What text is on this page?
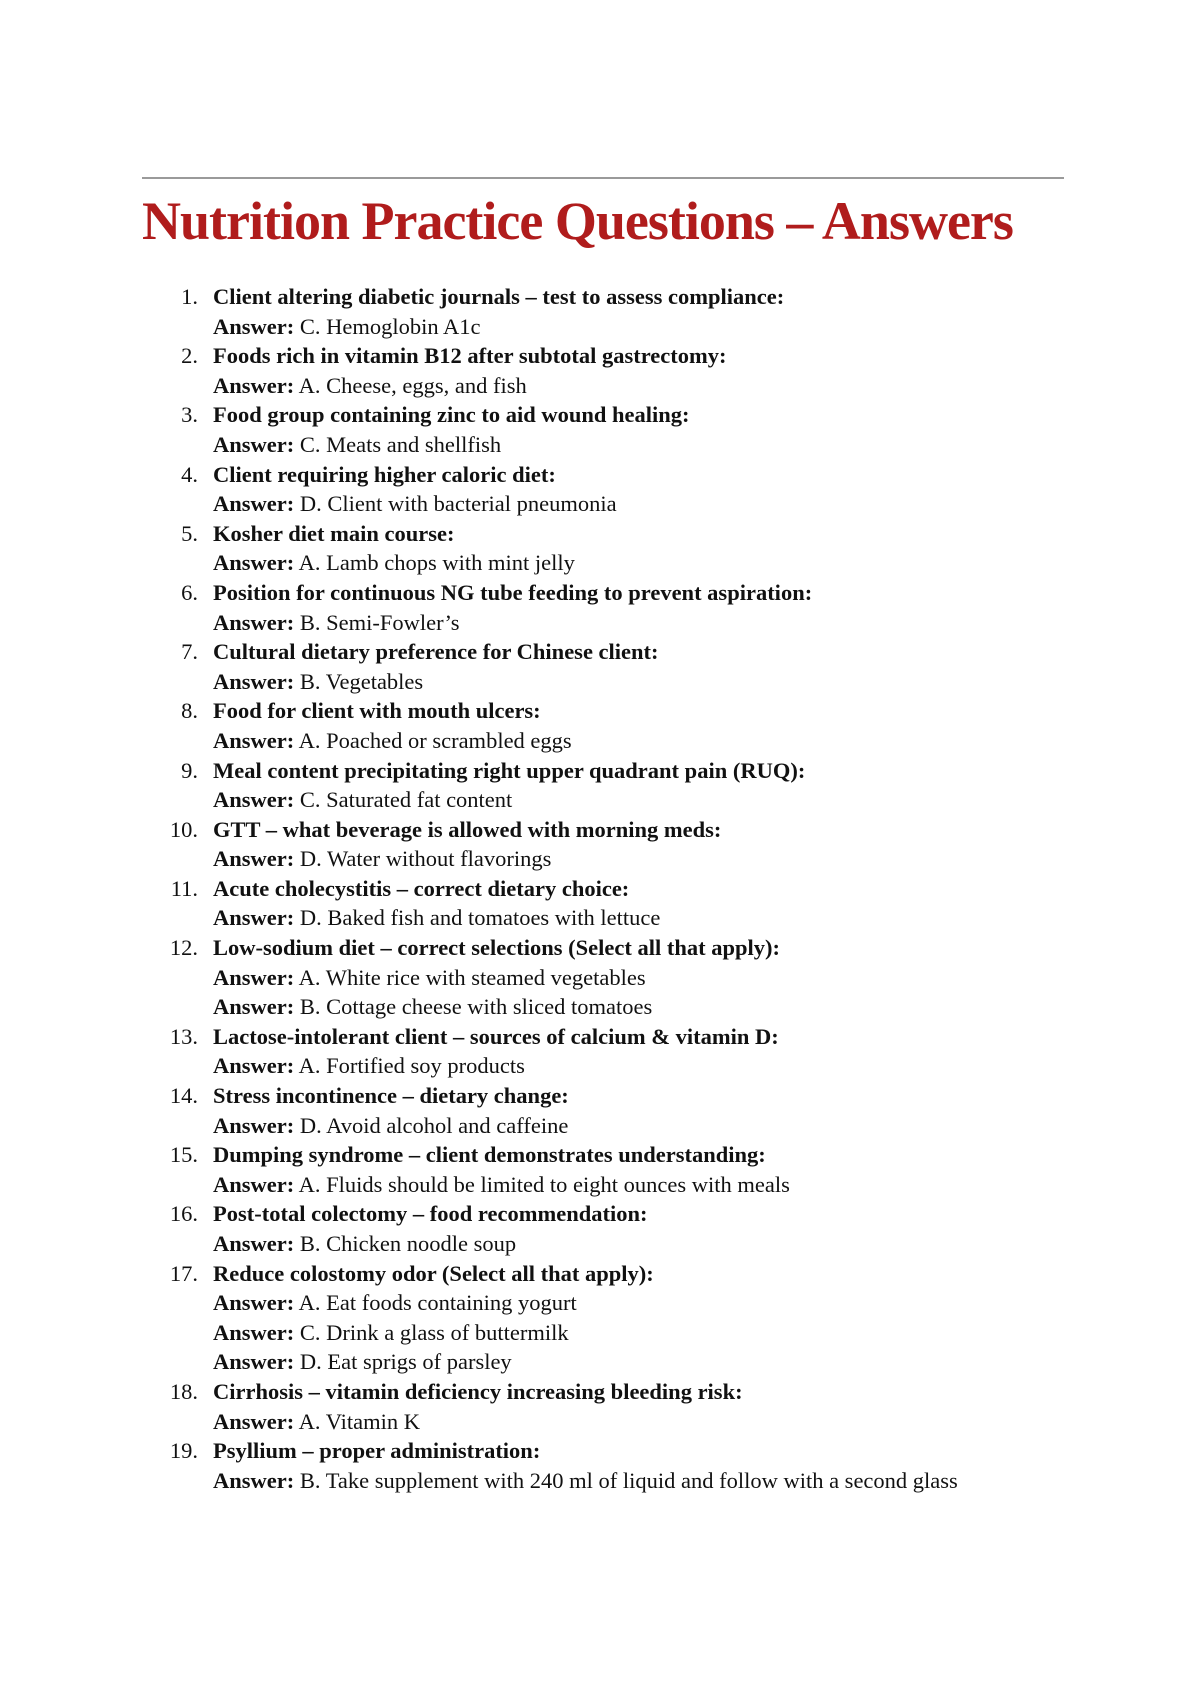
Nutrition Practice Questions – Answers
1. Client altering diabetic journals – test to assess compliance:
Answer: C. Hemoglobin A1c
2. Foods rich in vitamin B12 after subtotal gastrectomy:
Answer: A. Cheese, eggs, and fish
3. Food group containing zinc to aid wound healing:
Answer: C. Meats and shellfish
4. Client requiring higher caloric diet:
Answer: D. Client with bacterial pneumonia
5. Kosher diet main course:
Answer: A. Lamb chops with mint jelly
6. Position for continuous NG tube feeding to prevent aspiration:
Answer: B. Semi-Fowler’s
7. Cultural dietary preference for Chinese client:
Answer: B. Vegetables
8. Food for client with mouth ulcers:
Answer: A. Poached or scrambled eggs
9. Meal content precipitating right upper quadrant pain (RUQ):
Answer: C. Saturated fat content
10. GTT – what beverage is allowed with morning meds:
Answer: D. Water without flavorings
11. Acute cholecystitis – correct dietary choice:
Answer: D. Baked fish and tomatoes with lettuce
12. Low-sodium diet – correct selections (Select all that apply):
Answer: A. White rice with steamed vegetables
Answer: B. Cottage cheese with sliced tomatoes
13. Lactose-intolerant client – sources of calcium & vitamin D:
Answer: A. Fortified soy products
14. Stress incontinence – dietary change:
Answer: D. Avoid alcohol and caffeine
15. Dumping syndrome – client demonstrates understanding:
Answer: A. Fluids should be limited to eight ounces with meals
16. Post-total colectomy – food recommendation:
Answer: B. Chicken noodle soup
17. Reduce colostomy odor (Select all that apply):
Answer: A. Eat foods containing yogurt
Answer: C. Drink a glass of buttermilk
Answer: D. Eat sprigs of parsley
18. Cirrhosis – vitamin deficiency increasing bleeding risk:
Answer: A. Vitamin K
19. Psyllium – proper administration:
Answer: B. Take supplement with 240 ml of liquid and follow with a second glass
